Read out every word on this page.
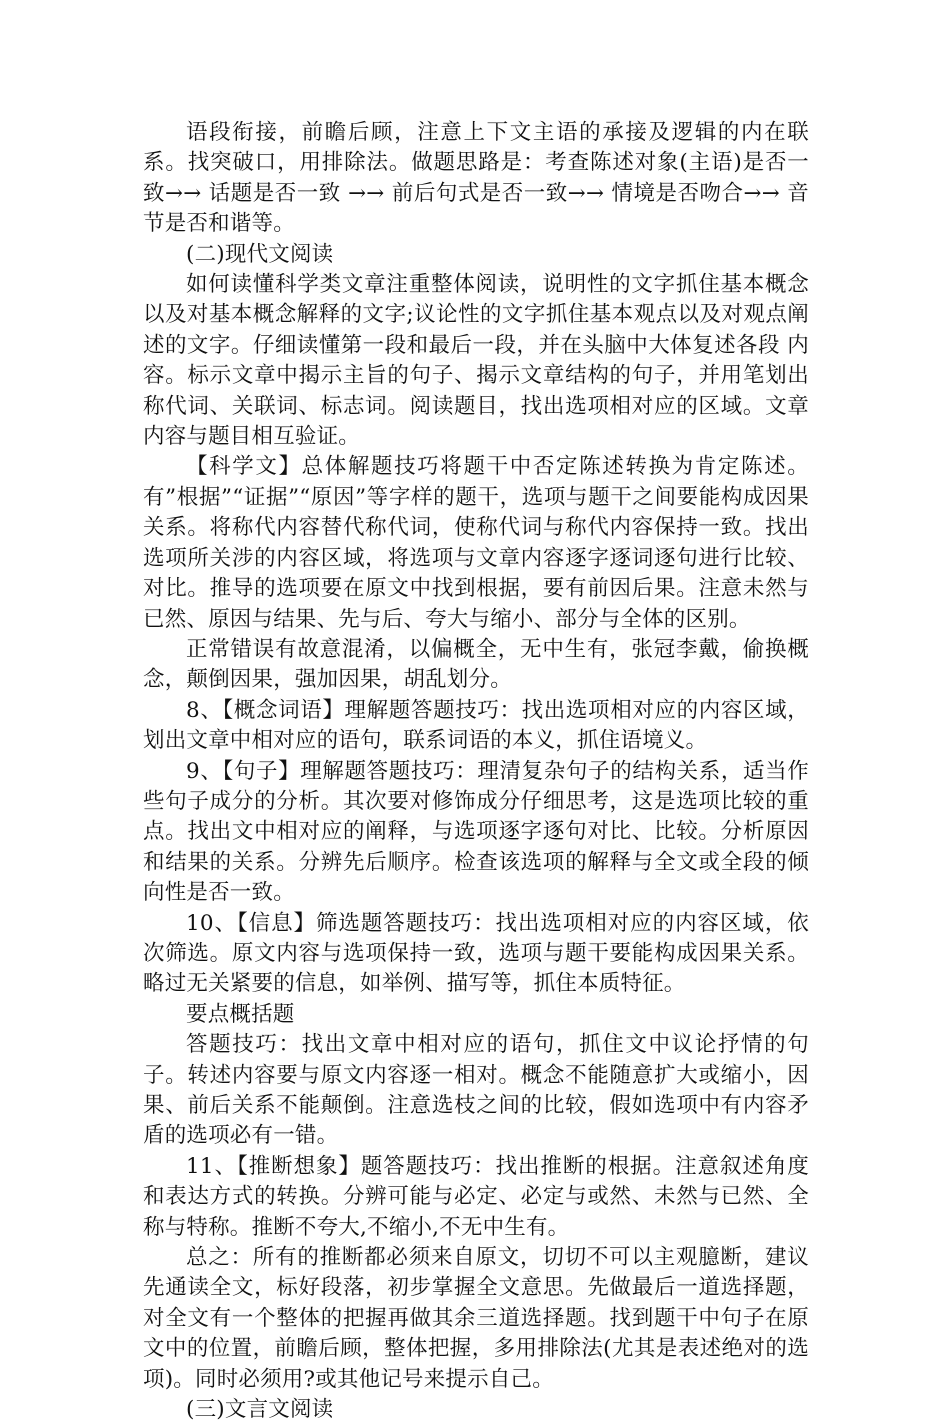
语段衔接，前瞻后顾，注意上下文主语的承接及逻辑的内在联系。找突破口，用排除法。做题思路是：考查陈述对象(主语)是否一致→→ 话题是否一致 →→ 前后句式是否一致→→ 情境是否吻合→→ 音节是否和谐等。

(二)现代文阅读

如何读懂科学类文章注重整体阅读，说明性的文字抓住基本概念以及对基本概念解释的文字;议论性的文字抓住基本观点以及对观点阐述的文字。仔细读懂第一段和最后一段，并在头脑中大体复述各段 内容。标示文章中揭示主旨的句子、揭示文章结构的句子，并用笔划出称代词、关联词、标志词。阅读题目，找出选项相对应的区域。文章内容与题目相互验证。

【科学文】总体解题技巧将题干中否定陈述转换为肯定陈述。有”根据”“证据”“原因”等字样的题干，选项与题干之间要能构成因果关系。将称代内容替代称代词，使称代词与称代内容保持一致。找出选项所关涉的内容区域，将选项与文章内容逐字逐词逐句进行比较、对比。推导的选项要在原文中找到根据，要有前因后果。注意未然与已然、原因与结果、先与后、夸大与缩小、部分与全体的区别。

正常错误有故意混淆，以偏概全，无中生有，张冠李戴，偷换概念，颠倒因果，强加因果，胡乱划分。

8、【概念词语】理解题答题技巧：找出选项相对应的内容区域，划出文章中相对应的语句，联系词语的本义，抓住语境义。

9、【句子】理解题答题技巧：理清复杂句子的结构关系，适当作些句子成分的分析。其次要对修饰成分仔细思考，这是选项比较的重点。找出文中相对应的阐释，与选项逐字逐句对比、比较。分析原因和结果的关系。分辨先后顺序。检查该选项的解释与全文或全段的倾向性是否一致。

10、【信息】筛选题答题技巧：找出选项相对应的内容区域，依次筛选。原文内容与选项保持一致，选项与题干要能构成因果关系。略过无关紧要的信息，如举例、描写等，抓住本质特征。

要点概括题

答题技巧：找出文章中相对应的语句，抓住文中议论抒情的句子。转述内容要与原文内容逐一相对。概念不能随意扩大或缩小，因果、前后关系不能颠倒。注意选枝之间的比较，假如选项中有内容矛盾的选项必有一错。

11、【推断想象】题答题技巧：找出推断的根据。注意叙述角度和表达方式的转换。分辨可能与必定、必定与或然、未然与已然、全称与特称。推断不夸大,不缩小,不无中生有。

总之：所有的推断都必须来自原文，切切不可以主观臆断，建议先通读全文，标好段落，初步掌握全文意思。先做最后一道选择题，对全文有一个整体的把握再做其余三道选择题。找到题干中句子在原文中的位置，前瞻后顾，整体把握，多用排除法(尤其是表述绝对的选项)。同时必须用?或其他记号来提示自己。

(三)文言文阅读
